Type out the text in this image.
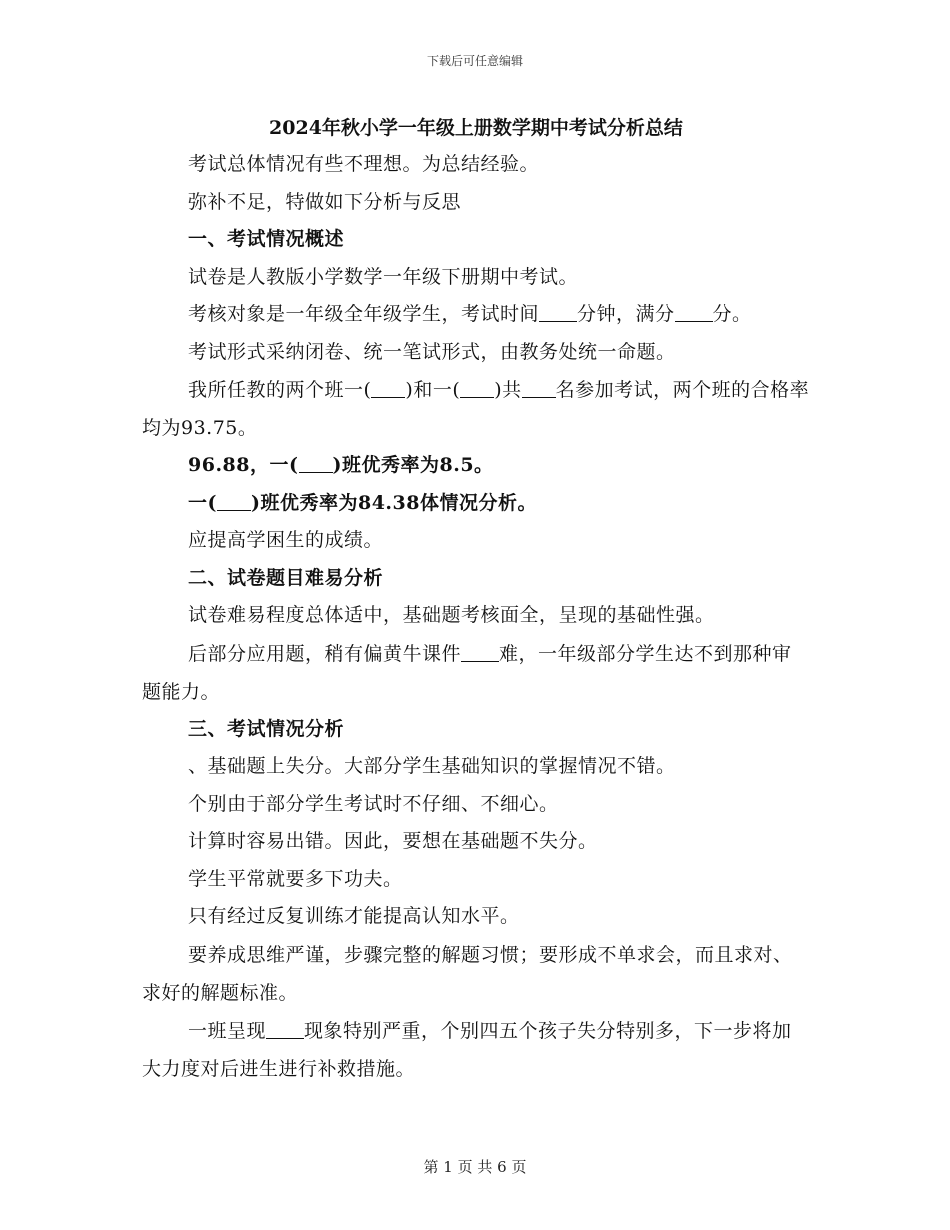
下载后可任意编辑
2024年秋小学一年级上册数学期中考试分析总结

考试总体情况有些不理想。为总结经验。

弥补不足，特做如下分析与反思

一、考试情况概述

试卷是人教版小学数学一年级下册期中考试。

考核对象是一年级全年级学生，考试时间 分钟，满分 分。

考试形式采纳闭卷、统一笔试形式，由教务处统一命题。

我所任教的两个班一( )和一( )共 名参加考试，两个班的合格率均为93.75。

96.88，一( )班优秀率为8.5。

一( )班优秀率为84.38体情况分析。

应提高学困生的成绩。

二、试卷题目难易分析

试卷难易程度总体适中，基础题考核面全，呈现的基础性强。

后部分应用题，稍有偏黄牛课件 难，一年级部分学生达不到那种审题能力。

三、考试情况分析

、基础题上失分。大部分学生基础知识的掌握情况不错。

个别由于部分学生考试时不仔细、不细心。

计算时容易出错。因此，要想在基础题不失分。

学生平常就要多下功夫。

只有经过反复训练才能提高认知水平。

要养成思维严谨，步骤完整的解题习惯；要形成不单求会，而且求对、求好的解题标准。

一班呈现 现象特别严重，个别四五个孩子失分特别多，下一步将加大力度对后进生进行补救措施。

第 1 页 共 6 页
